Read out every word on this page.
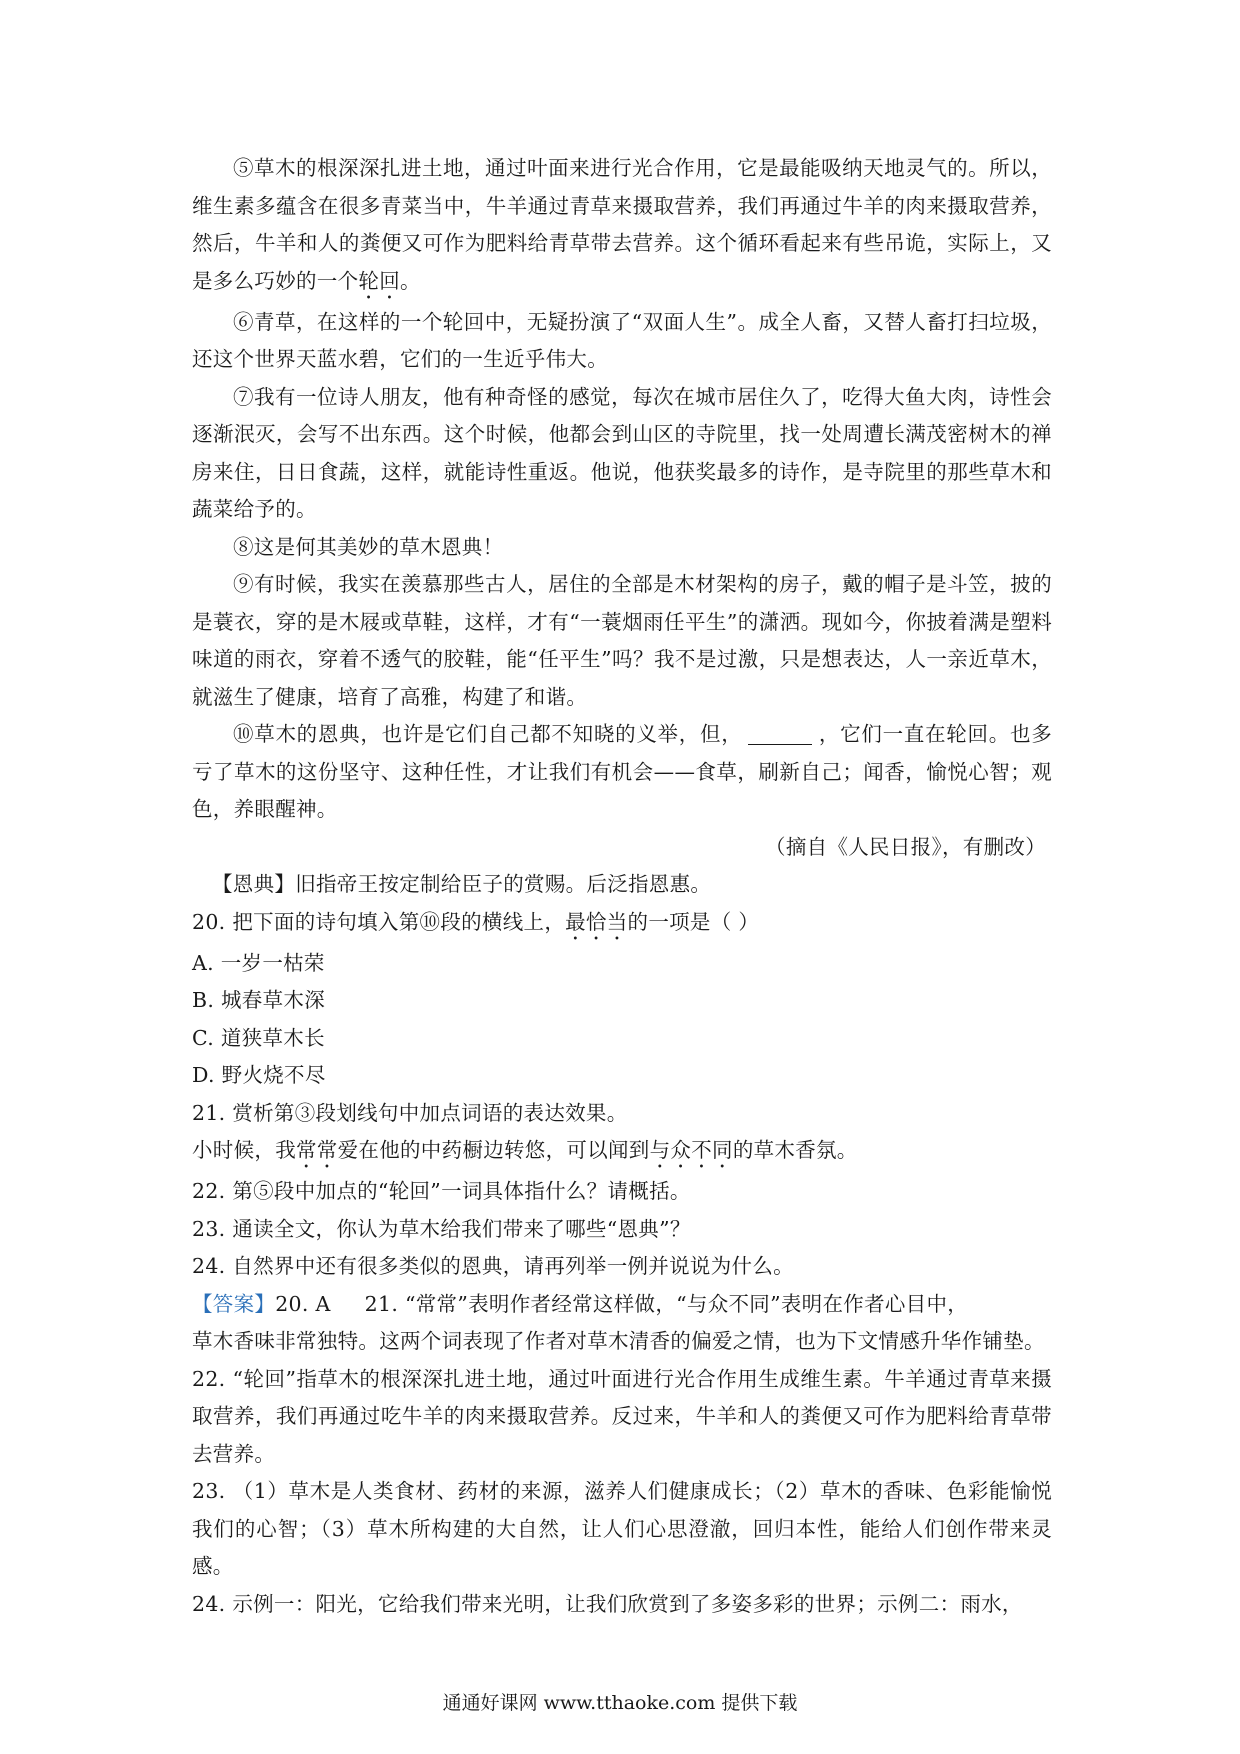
⑤草木的根深深扎进土地，通过叶面来进行光合作用，它是最能吸纳天地灵气的。所以，维生素多蕴含在很多青菜当中，牛羊通过青草来摄取营养，我们再通过牛羊的肉来摄取营养，然后，牛羊和人的粪便又可作为肥料给青草带去营养。这个循环看起来有些吊诡，实际上，又是多么巧妙的一个轮回。

⑥青草，在这样的一个轮回中，无疑扮演了“双面人生”。成全人畜，又替人畜打扫垃圾，还这个世界天蓝水碧，它们的一生近乎伟大。

⑦我有一位诗人朋友，他有种奇怪的感觉，每次在城市居住久了，吃得大鱼大肉，诗性会逐渐泯灭，会写不出东西。这个时候，他都会到山区的寺院里，找一处周遭长满茂密树木的禅房来住，日日食蔬，这样，就能诗性重返。他说，他获奖最多的诗作，是寺院里的那些草木和蔬菜给予的。

⑧这是何其美妙的草木恩典！

⑨有时候，我实在羡慕那些古人，居住的全部是木材架构的房子，戴的帽子是斗笠，披的是蓑衣，穿的是木屐或草鞋，这样，才有“一蓑烟雨任平生”的潇洒。现如今，你披着满是塑料味道的雨衣，穿着不透气的胶鞋，能“任平生”吗？我不是过激，只是想表达，人一亲近草木，就滋生了健康，培育了高雅，构建了和谐。

⑩草木的恩典，也许是它们自己都不知晓的义举，但，	，它们一直在轮回。也多亏了草木的这份坚守、这种任性，才让我们有机会——食草，刷新自己；闻香，愉悦心智；观色，养眼醒神。

（摘自《人民日报》，有删改）

【恩典】旧指帝王按定制给臣子的赏赐。后泛指恩惠。

20. 把下面的诗句填入第⑩段的横线上，最恰当的一项是（ ）

A. 一岁一枯荣

B. 城春草木深

C. 道狭草木长

D. 野火烧不尽

21. 赏析第③段划线句中加点词语的表达效果。

小时候，我常常爱在他的中药橱边转悠，可以闻到与众不同的草木香氛。

22. 第⑤段中加点的“轮回”一词具体指什么？请概括。

23. 通读全文，你认为草木给我们带来了哪些“恩典”？

24. 自然界中还有很多类似的恩典，请再列举一例并说说为什么。

【答案】20. A 21. “常常”表明作者经常这样做，“与众不同”表明在作者心目中，

草木香味非常独特。这两个词表现了作者对草木清香的偏爱之情，也为下文情感升华作铺垫。

22. “轮回”指草木的根深深扎进土地，通过叶面进行光合作用生成维生素。牛羊通过青草来摄取营养，我们再通过吃牛羊的肉来摄取营养。反过来，牛羊和人的粪便又可作为肥料给青草带去营养。

23. （1）草木是人类食材、药材的来源，滋养人们健康成长；（2）草木的香味、色彩能愉悦我们的心智；（3）草木所构建的大自然，让人们心思澄澈，回归本性，能给人们创作带来灵感。

24. 示例一：阳光，它给我们带来光明，让我们欣赏到了多姿多彩的世界；示例二：雨水，

通通好课网 www.tthaoke.com 提供下载
